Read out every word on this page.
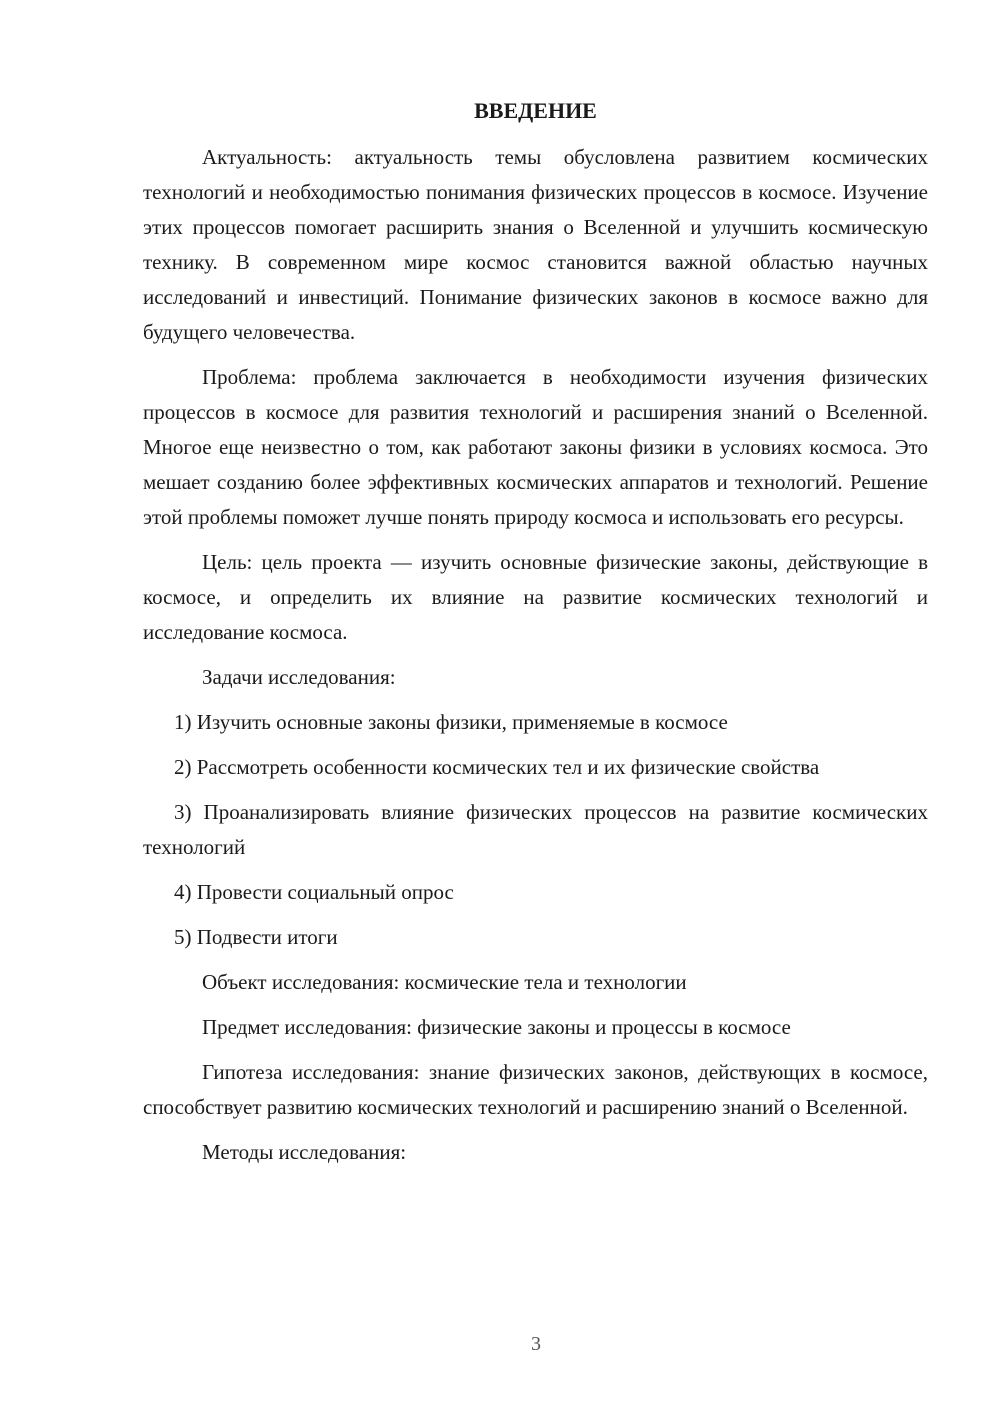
ВВЕДЕНИЕ

Актуальность: актуальность темы обусловлена развитием космических технологий и необходимостью понимания физических процессов в космосе. Изучение этих процессов помогает расширить знания о Вселенной и улучшить космическую технику. В современном мире космос становится важной областью научных исследований и инвестиций. Понимание физических законов в космосе важно для будущего человечества.

Проблема: проблема заключается в необходимости изучения физических процессов в космосе для развития технологий и расширения знаний о Вселенной. Многое еще неизвестно о том, как работают законы физики в условиях космоса. Это мешает созданию более эффективных космических аппаратов и технологий. Решение этой проблемы поможет лучше понять природу космоса и использовать его ресурсы.

Цель: цель проекта — изучить основные физические законы, действующие в космосе, и определить их влияние на развитие космических технологий и исследование космоса.

Задачи исследования:

1) Изучить основные законы физики, применяемые в космосе

2) Рассмотреть особенности космических тел и их физические свойства

3) Проанализировать влияние физических процессов на развитие космических технологий

4) Провести социальный опрос

5) Подвести итоги

Объект исследования: космические тела и технологии

Предмет исследования: физические законы и процессы в космосе

Гипотеза исследования: знание физических законов, действующих в космосе, способствует развитию космических технологий и расширению знаний о Вселенной.

Методы исследования:

3
